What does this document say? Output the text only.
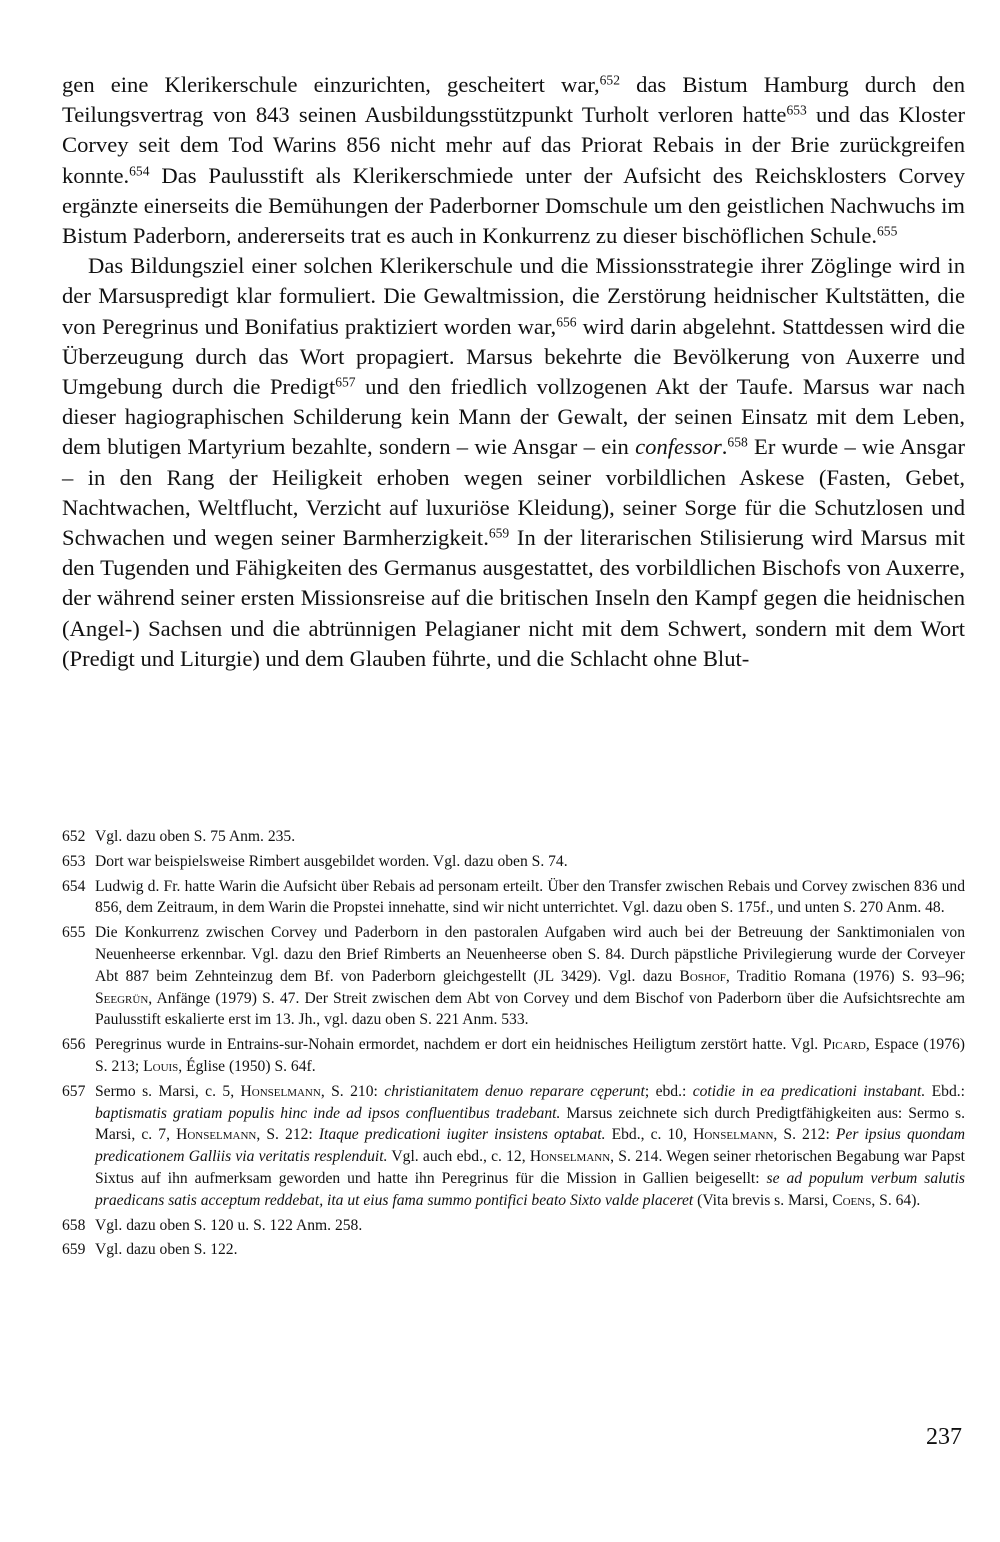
gen eine Klerikerschule einzurichten, gescheitert war,$^{652}$ das Bistum Hamburg durch den Teilungsvertrag von 843 seinen Ausbildungsstützpunkt Turholt verloren hatte$^{653}$ und das Kloster Corvey seit dem Tod Warins 856 nicht mehr auf das Priorat Rebais in der Brie zurückgreifen konnte.$^{654}$ Das Paulusstift als Klerikerschmiede unter der Aufsicht des Reichsklosters Corvey ergänzte einerseits die Bemühungen der Paderborner Domschule um den geistlichen Nachwuchs im Bistum Paderborn, andererseits trat es auch in Konkurrenz zu dieser bischöflichen Schule.$^{655}$

Das Bildungsziel einer solchen Klerikerschule und die Missionsstrategie ihrer Zöglinge wird in der Marsuspredigt klar formuliert. Die Gewaltmission, die Zerstörung heidnischer Kultstätten, die von Peregrinus und Bonifatius praktiziert worden war,$^{656}$ wird darin abgelehnt. Stattdessen wird die Überzeugung durch das Wort propagiert. Marsus bekehrte die Bevölkerung von Auxerre und Umgebung durch die Predigt$^{657}$ und den friedlich vollzogenen Akt der Taufe. Marsus war nach dieser hagiographischen Schilderung kein Mann der Gewalt, der seinen Einsatz mit dem Leben, dem blutigen Martyrium bezahlte, sondern – wie Ansgar – ein confessor.$^{658}$ Er wurde – wie Ansgar – in den Rang der Heiligkeit erhoben wegen seiner vorbildlichen Askese (Fasten, Gebet, Nachtwachen, Weltflucht, Verzicht auf luxuriöse Kleidung), seiner Sorge für die Schutzlosen und Schwachen und wegen seiner Barmherzigkeit.$^{659}$ In der literarischen Stilisierung wird Marsus mit den Tugenden und Fähigkeiten des Germanus ausgestattet, des vorbildlichen Bischofs von Auxerre, der während seiner ersten Missionsreise auf die britischen Inseln den Kampf gegen die heidnischen (Angel-) Sachsen und die abtrünnigen Pelagianer nicht mit dem Schwert, sondern mit dem Wort (Predigt und Liturgie) und dem Glauben führte, und die Schlacht ohne Blut-

652 Vgl. dazu oben S. 75 Anm. 235.
653 Dort war beispielsweise Rimbert ausgebildet worden. Vgl. dazu oben S. 74.
654 Ludwig d. Fr. hatte Warin die Aufsicht über Rebais ad personam erteilt. Über den Transfer zwischen Rebais und Corvey zwischen 836 und 856, dem Zeitraum, in dem Warin die Propstei innehatte, sind wir nicht unterrichtet. Vgl. dazu oben S. 175f., und unten S. 270 Anm. 48.
655 Die Konkurrenz zwischen Corvey und Paderborn in den pastoralen Aufgaben wird auch bei der Betreuung der Sanktimonialen von Neuenheerse erkennbar. Vgl. dazu den Brief Rimberts an Neuenheerse oben S. 84. Durch päpstliche Privilegierung wurde der Corveyer Abt 887 beim Zehnteinzug dem Bf. von Paderborn gleichgestellt (JL 3429). Vgl. dazu Boshof, Traditio Romana (1976) S. 93–96; Seegrün, Anfänge (1979) S. 47. Der Streit zwischen dem Abt von Corvey und dem Bischof von Paderborn über die Aufsichtsrechte am Paulusstift eskalierte erst im 13. Jh., vgl. dazu oben S. 221 Anm. 533.
656 Peregrinus wurde in Entrains-sur-Nohain ermordet, nachdem er dort ein heidnisches Heiligtum zerstört hatte. Vgl. Picard, Espace (1976) S. 213; Louis, Église (1950) S. 64f.
657 Sermo s. Marsi, c. 5, Honselmann, S. 210: christianitatem denuo reparare cęperunt; ebd.: cotidie in ea predicationi instabant. Ebd.: baptismatis gratiam populis hinc inde ad ipsos confluentibus tradebant. Marsus zeichnete sich durch Predigtfähigkeiten aus: Sermo s. Marsi, c. 7, Honselmann, S. 212: Itaque predicationi iugiter insistens optabat. Ebd., c. 10, Honselmann, S. 212: Per ipsius quondam predicationem Galliis via veritatis resplenduit. Vgl. auch ebd., c. 12, Honselmann, S. 214. Wegen seiner rhetorischen Begabung war Papst Sixtus auf ihn aufmerksam geworden und hatte ihn Peregrinus für die Mission in Gallien beigesellt: se ad populum verbum salutis praedicans satis acceptum reddebat, ita ut eius fama summo pontifici beato Sixto valde placeret (Vita brevis s. Marsi, Coens, S. 64).
658 Vgl. dazu oben S. 120 u. S. 122 Anm. 258.
659 Vgl. dazu oben S. 122.
237
